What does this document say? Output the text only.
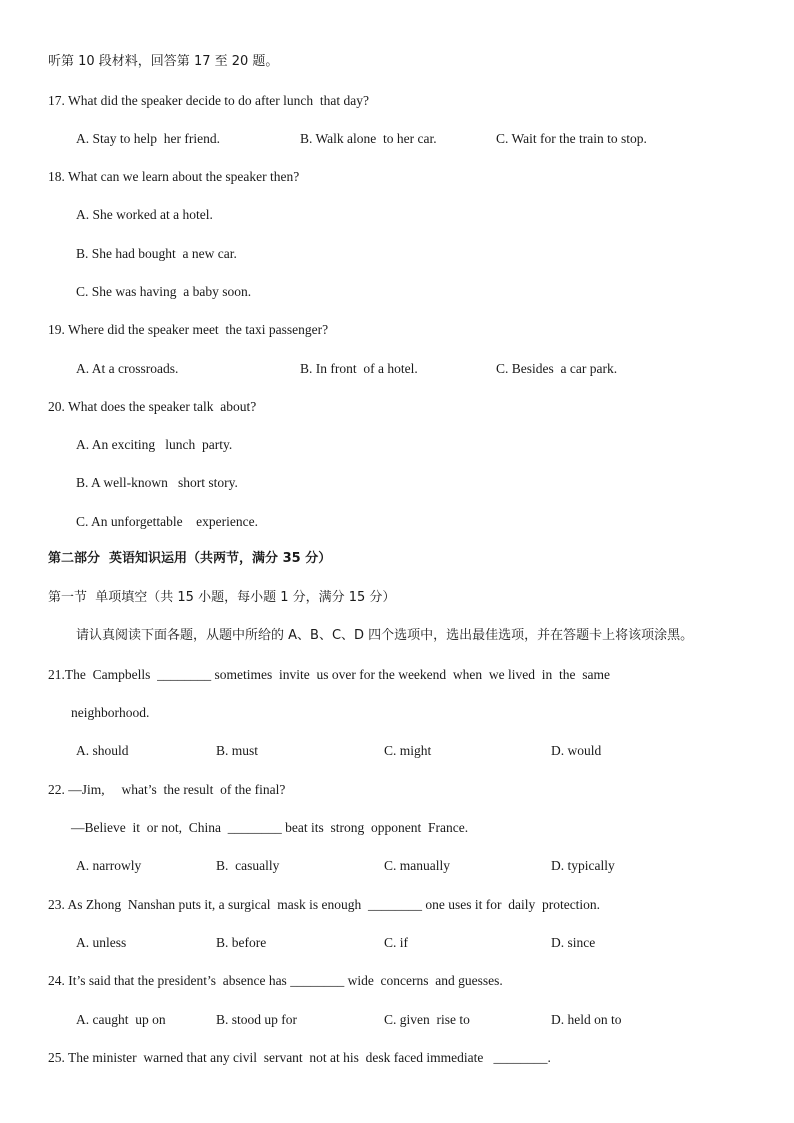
听第 10 段材料，回答第 17 至 20 题。
17. What did the speaker decide to do after lunch  that day?
A. Stay to help  her friend.	B. Walk alone  to her car.	C. Wait for the train to stop.
18. What can we learn about the speaker then?
A. She worked at a hotel.
B. She had bought  a new car.
C. She was having  a baby soon.
19. Where did the speaker meet  the taxi passenger?
A. At a crossroads.	B. In front  of a hotel.	C. Besides  a car park.
20. What does the speaker talk  about?
A. An exciting   lunch  party.
B. A well-known   short story.
C. An unforgettable    experience.
第二部分  英语知识运用（共两节，满分 35 分）
第一节  单项填空（共 15 小题，每小题 1 分，满分 15 分）
请认真阅读下面各题，从题中所给的 A、B、C、D 四个选项中，选出最佳选项，并在答题卡上将该项涂黑。
21.The  Campbells  ________ sometimes  invite  us over for the weekend  when  we lived  in  the  same
neighborhood.
A. should	B. must	C. might	D. would
22. —Jim,     what’s  the result  of the final?
—Believe  it  or not,  China  ________ beat its  strong  opponent  France.
A. narrowly	B.  casually	C. manually	D. typically
23. As Zhong  Nanshan puts it, a surgical  mask is enough  ________ one uses it for  daily  protection.
A. unless	B. before	C. if	D. since
24. It’s said that the president’s  absence has ________ wide  concerns  and guesses.
A. caught  up on	B. stood up for	C. given  rise to	D. held on to
25. The minister  warned that any civil  servant  not at his  desk faced immediate   ________.
